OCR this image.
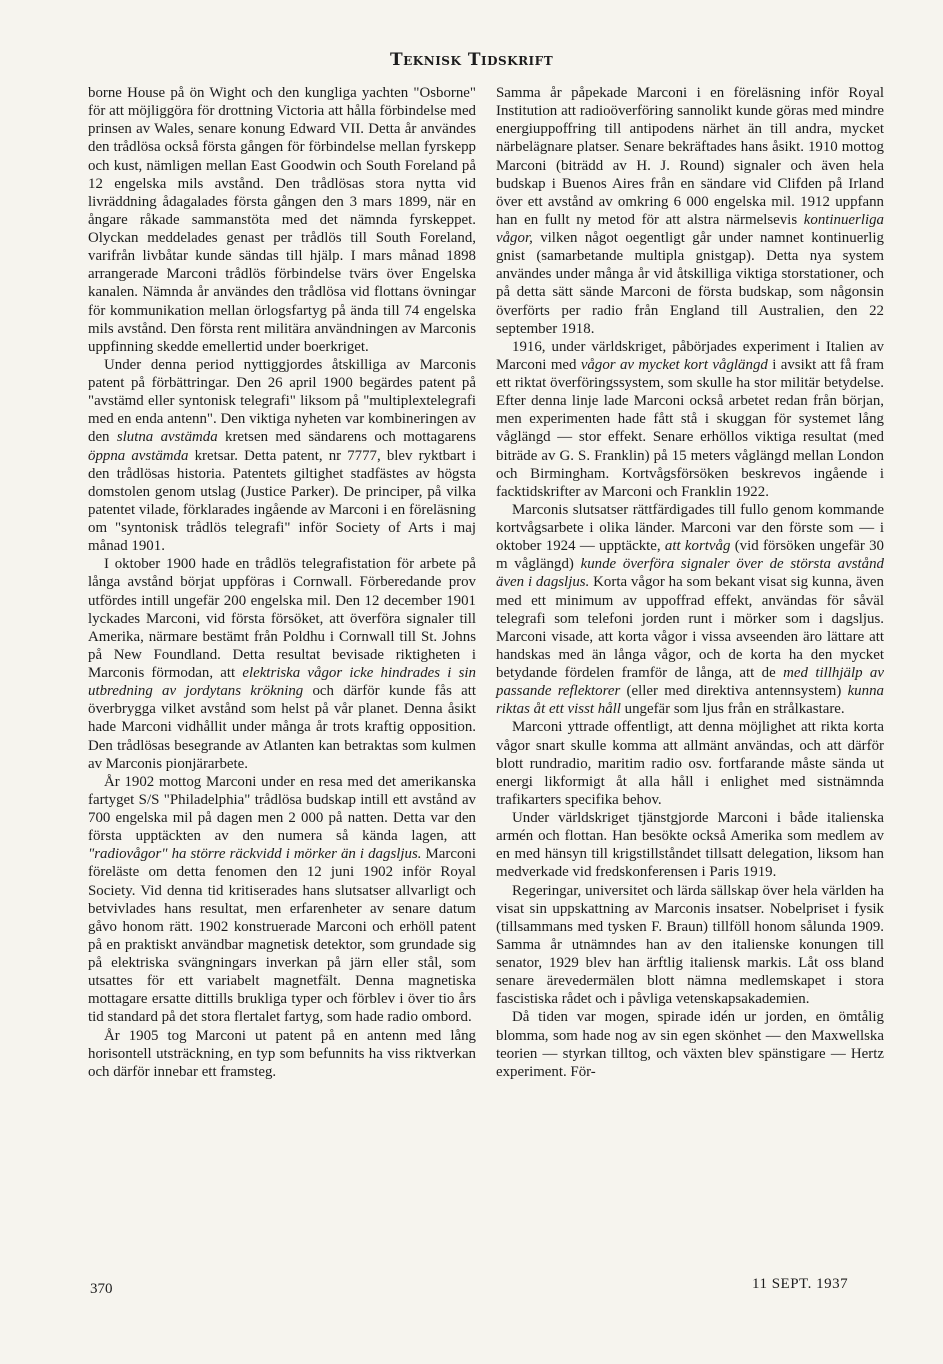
Teknisk Tidskrift

borne House på ön Wight och den kungliga yachten "Osborne" för att möjliggöra för drottning Victoria att hålla förbindelse med prinsen av Wales, senare konung Edward VII. Detta år användes den trådlösa också första gången för förbindelse mellan fyrskepp och kust, nämligen mellan East Goodwin och South Foreland på 12 engelska mils avstånd. Den trådlösas stora nytta vid livräddning ådagalades första gången den 3 mars 1899, när en ångare råkade sammanstöta med det nämnda fyrskeppet. Olyckan meddelades genast per trådlös till South Foreland, varifrån livbåtar kunde sändas till hjälp. I mars månad 1898 arrangerade Marconi trådlös förbindelse tvärs över Engelska kanalen. Nämnda år användes den trådlösa vid flottans övningar för kommunikation mellan örlogsfartyg på ända till 74 engelska mils avstånd. Den första rent militära användningen av Marconis uppfinning skedde emellertid under boerkriget.

Under denna period nyttiggjordes åtskilliga av Marconis patent på förbättringar. Den 26 april 1900 begärdes patent på "avstämd eller syntonisk telegrafi" liksom på "multiplextelegrafi med en enda antenn". Den viktiga nyheten var kombineringen av den slutna avstämda kretsen med sändarens och mottagarens öppna avstämda kretsar. Detta patent, nr 7777, blev ryktbart i den trådlösas historia. Patentets giltighet stadfästes av högsta domstolen genom utslag (Justice Parker). De principer, på vilka patentet vilade, förklarades ingående av Marconi i en föreläsning om "syntonisk trådlös telegrafi" inför Society of Arts i maj månad 1901.

I oktober 1900 hade en trådlös telegrafistation för arbete på långa avstånd börjat uppföras i Cornwall. Förberedande prov utfördes intill ungefär 200 engelska mil. Den 12 december 1901 lyckades Marconi, vid första försöket, att överföra signaler till Amerika, närmare bestämt från Poldhu i Cornwall till St. Johns på New Foundland. Detta resultat bevisade riktigheten i Marconis förmodan, att elektriska vågor icke hindrades i sin utbredning av jordytans krökning och därför kunde fås att överbrygga vilket avstånd som helst på vår planet. Denna åsikt hade Marconi vidhållit under många år trots kraftig opposition. Den trådlösas besegrande av Atlanten kan betraktas som kulmen av Marconis pionjärarbete.

År 1902 mottog Marconi under en resa med det amerikanska fartyget S/S "Philadelphia" trådlösa budskap intill ett avstånd av 700 engelska mil på dagen men 2 000 på natten. Detta var den första upptäckten av den numera så kända lagen, att "radiovågor" ha större räckvidd i mörker än i dagsljus. Marconi föreläste om detta fenomen den 12 juni 1902 inför Royal Society. Vid denna tid kritiserades hans slutsatser allvarligt och betvivlades hans resultat, men erfarenheter av senare datum gåvo honom rätt. 1902 konstruerade Marconi och erhöll patent på en praktiskt användbar magnetisk detektor, som grundade sig på elektriska svängningars inverkan på järn eller stål, som utsattes för ett variabelt magnetfält. Denna magnetiska mottagare ersatte dittills brukliga typer och förblev i över tio års tid standard på det stora flertalet fartyg, som hade radio ombord.

År 1905 tog Marconi ut patent på en antenn med lång horisontell utsträckning, en typ som befunnits ha viss riktverkan och därför innebar ett framsteg.

Samma år påpekade Marconi i en föreläsning inför Royal Institution att radioöverföring sannolikt kunde göras med mindre energiuppoffring till antipodens närhet än till andra, mycket närbelägnare platser. Senare bekräftades hans åsikt. 1910 mottog Marconi (biträdd av H. J. Round) signaler och även hela budskap i Buenos Aires från en sändare vid Clifden på Irland över ett avstånd av omkring 6 000 engelska mil. 1912 uppfann han en fullt ny metod för att alstra närmelsevis kontinuerliga vågor, vilken något oegentligt går under namnet kontinuerlig gnist (samarbetande multipla gnistgap). Detta nya system användes under många år vid åtskilliga viktiga storstationer, och på detta sätt sände Marconi de första budskap, som någonsin överförts per radio från England till Australien, den 22 september 1918.

1916, under världskriget, påbörjades experiment i Italien av Marconi med vågor av mycket kort våglängd i avsikt att få fram ett riktat överföringssystem, som skulle ha stor militär betydelse. Efter denna linje lade Marconi också arbetet redan från början, men experimenten hade fått stå i skuggan för systemet lång våglängd — stor effekt. Senare erhöllos viktiga resultat (med biträde av G. S. Franklin) på 15 meters våglängd mellan London och Birmingham. Kortvågsförsöken beskrevos ingående i facktidskrifter av Marconi och Franklin 1922.

Marconis slutsatser rättfärdigades till fullo genom kommande kortvågsarbete i olika länder. Marconi var den förste som — i oktober 1924 — upptäckte, att kortvåg (vid försöken ungefär 30 m våglängd) kunde överföra signaler över de största avstånd även i dagsljus. Korta vågor ha som bekant visat sig kunna, även med ett minimum av uppoffrad effekt, användas för såväl telegrafi som telefoni jorden runt i mörker som i dagsljus. Marconi visade, att korta vågor i vissa avseenden äro lättare att handskas med än långa vågor, och de korta ha den mycket betydande fördelen framför de långa, att de med tillhjälp av passande reflektorer (eller med direktiva antennsystem) kunna riktas åt ett visst håll ungefär som ljus från en strålkastare.

Marconi yttrade offentligt, att denna möjlighet att rikta korta vågor snart skulle komma att allmänt användas, och att därför blott rundradio, maritim radio osv. fortfarande måste sända ut energi likformigt åt alla håll i enlighet med sistnämnda trafikarters specifika behov.

Under världskriget tjänstgjorde Marconi i både italienska armén och flottan. Han besökte också Amerika som medlem av en med hänsyn till krigstillståndet tillsatt delegation, liksom han medverkade vid fredskonferensen i Paris 1919.

Regeringar, universitet och lärda sällskap över hela världen ha visat sin uppskattning av Marconis insatser. Nobelpriset i fysik (tillsammans med tysken F. Braun) tillföll honom sålunda 1909. Samma år utnämndes han av den italienske konungen till senator, 1929 blev han ärftlig italiensk markis. Låt oss bland senare ärevedermälen blott nämna medlemskapet i stora fascistiska rådet och i påvliga vetenskapsakademien.

Då tiden var mogen, spirade idén ur jorden, en ömtålig blomma, som hade nog av sin egen skönhet — den Maxwellska teorien — styrkan tilltog, och växten blev spänstigare — Hertz experiment. För-

370	11 SEPT. 1937
